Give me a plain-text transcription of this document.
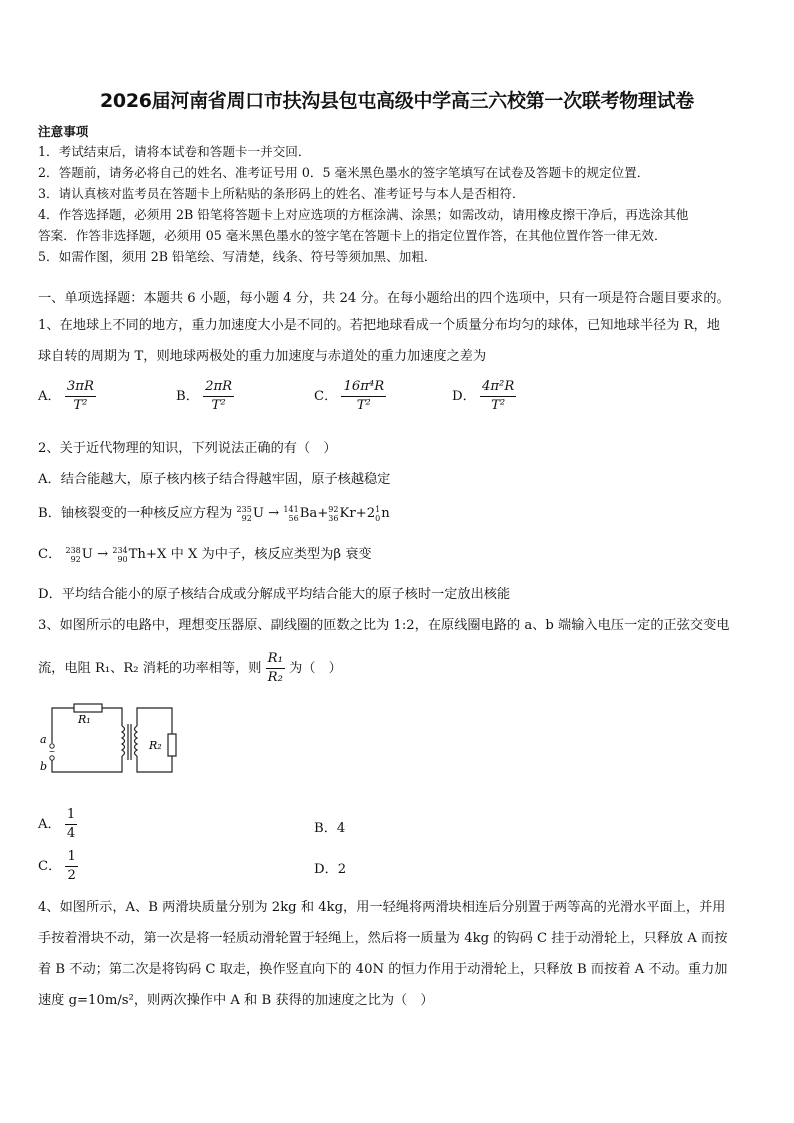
2026届河南省周口市扶沟县包屯高级中学高三六校第一次联考物理试卷
注意事项
1．考试结束后，请将本试卷和答题卡一并交回．
2．答题前，请务必将自己的姓名、准考证号用 0．5 毫米黑色墨水的签字笔填写在试卷及答题卡的规定位置．
3．请认真核对监考员在答题卡上所粘贴的条形码上的姓名、准考证号与本人是否相符．
4．作答选择题，必须用 2B 铅笔将答题卡上对应选项的方框涂满、涂黑；如需改动，请用橡皮擦干净后，再选涂其他
答案．作答非选择题，必须用 05 毫米黑色墨水的签字笔在答题卡上的指定位置作答，在其他位置作答一律无效．
5．如需作图，须用 2B 铅笔绘、写清楚，线条、符号等须加黑、加粗．
一、单项选择题：本题共 6 小题，每小题 4 分，共 24 分。在每小题给出的四个选项中，只有一项是符合题目要求的。
1、在地球上不同的地方，重力加速度大小是不同的。若把地球看成一个质量分布均匀的球体，已知地球半径为 R，地
球自转的周期为 T，则地球两极处的重力加速度与赤道处的重力加速度之差为
A． $\frac{3\pi R}{\text{T²}}$	B． $\frac{2\pi R}{\text{T²}}$	C． $\frac{\text{16π⁴R}}{\text{T²}}$	D． $\frac{\text{4π²R}}{\text{T²}}$
2、关于近代物理的知识，下列说法正确的有（　）
A．结合能越大，原子核内核子结合得越牢固，原子核越稳定
B．铀核裂变的一种核反应方程为 235
92 U → 141
56 Ba+ 92
36 Kr+2 1
0 n
C． 238
92 U → 234
90 Th+X 中 X 为中子，核反应类型为β 衰变
D．平均结合能小的原子核结合成或分解成平均结合能大的原子核时一定放出核能
3、如图所示的电路中，理想变压器原、副线圈的匝数之比为 1:2，在原线圈电路的 a、b 端输入电压一定的正弦交变电
流，电阻 R₁、R₂ 消耗的功率相等，则 $\frac{\text{R₁}}{\text{R₂}}$ 为（　）
~
R₁
R₂
a
b
A． $\frac{1}{4}$	B．4
C． $\frac{1}{2}$	D．2
4、如图所示，A、B 两滑块质量分别为 2kg 和 4kg，用一轻绳将两滑块相连后分别置于两等高的光滑水平面上，并用
手按着滑块不动，第一次是将一轻质动滑轮置于轻绳上，然后将一质量为 4kg 的钩码 C 挂于动滑轮上，只释放 A 而按
着 B 不动；第二次是将钩码 C 取走，换作竖直向下的 40N 的恒力作用于动滑轮上，只释放 B 而按着 A 不动。重力加
速度 g=10m/s²，则两次操作中 A 和 B 获得的加速度之比为（　）
